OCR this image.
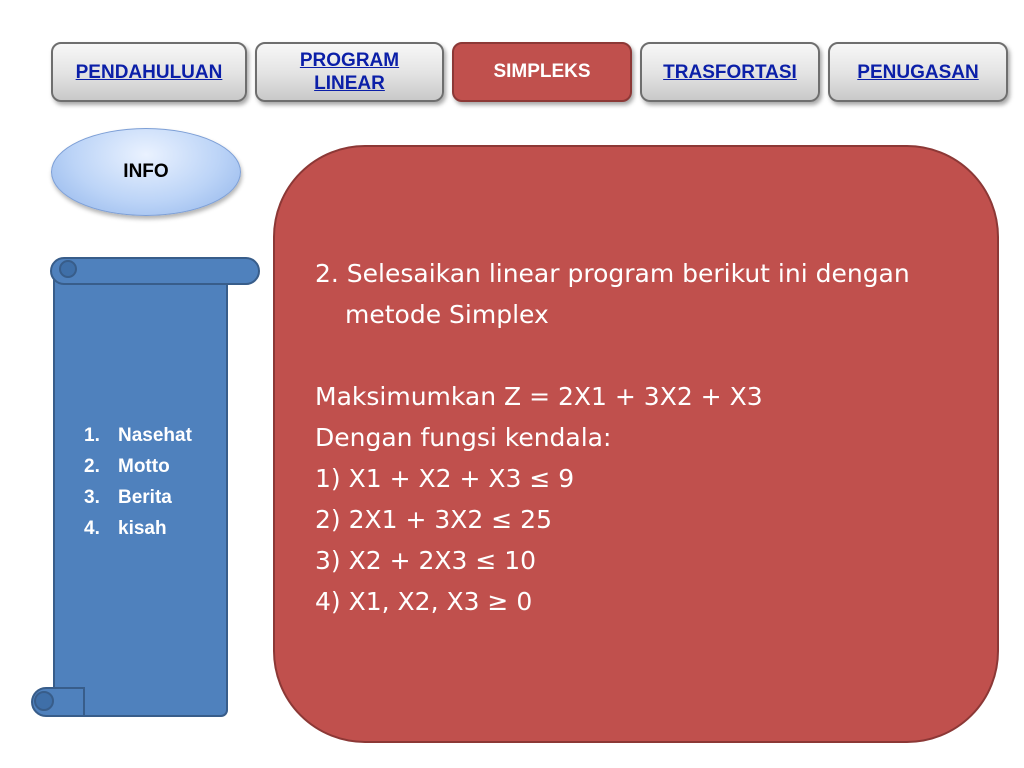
PENDAHULUAN
PROGRAM LINEAR
SIMPLEKS	TRASFORTASI	PENUGASAN
INFO
1. Nasehat
2. Motto
3. Berita
4. kisah
2. Selesaikan linear program berikut ini dengan metode Simplex
Maksimumkan Z = 2X1 + 3X2 + X3
Dengan fungsi kendala:
1) X1 + X2 + X3 ≤ 9
2) 2X1 + 3X2 ≤ 25
3) X2 + 2X3 ≤ 10
4) X1, X2, X3 ≥ 0
